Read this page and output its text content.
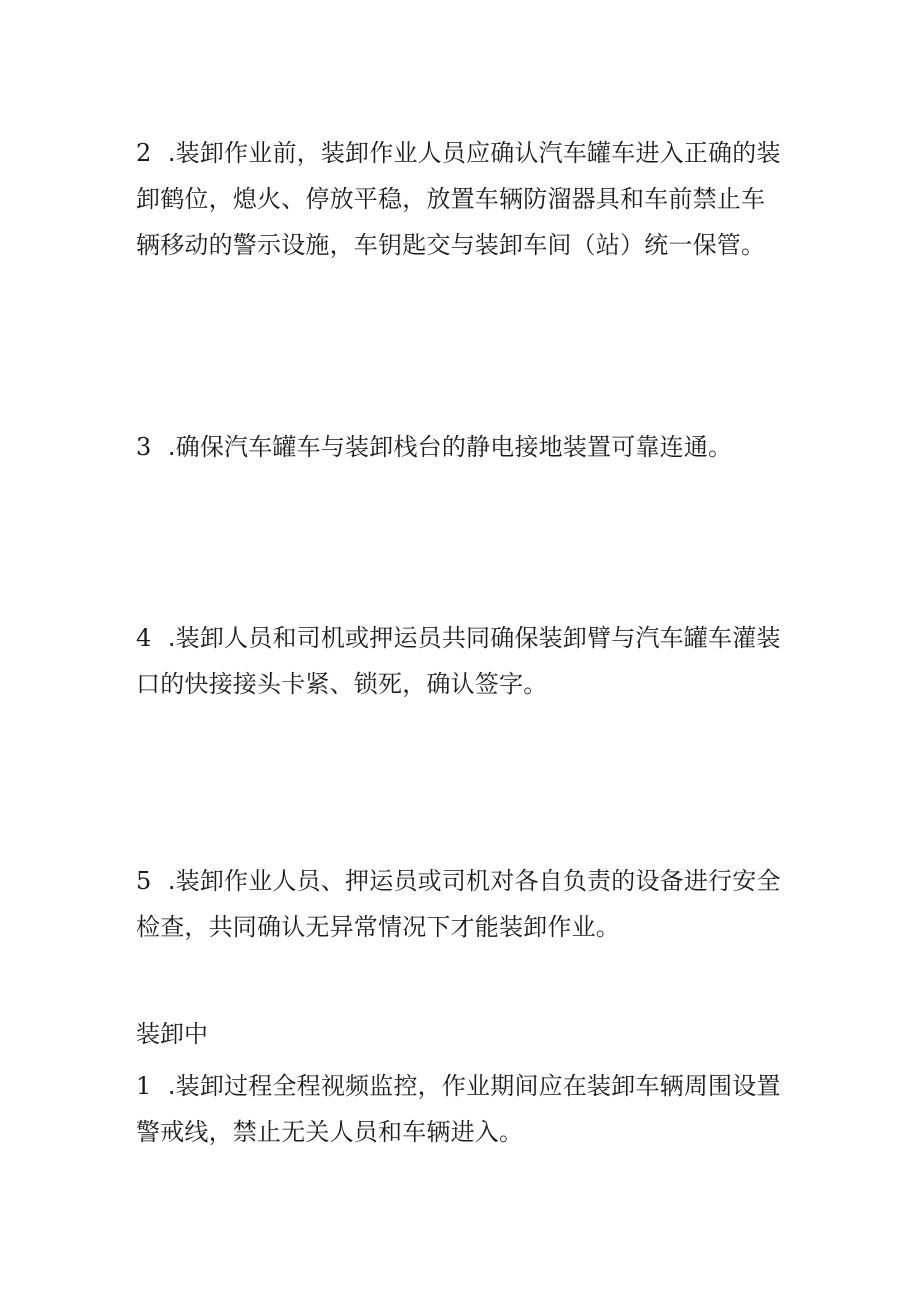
2 .装卸作业前，装卸作业人员应确认汽车罐车进入正确的装卸鹤位，熄火、停放平稳，放置车辆防溜器具和车前禁止车辆移动的警示设施，车钥匙交与装卸车间（站）统一保管。

3 .确保汽车罐车与装卸栈台的静电接地装置可靠连通。

4 .装卸人员和司机或押运员共同确保装卸臂与汽车罐车灌装口的快接接头卡紧、锁死，确认签字。

5 .装卸作业人员、押运员或司机对各自负责的设备进行安全检查，共同确认无异常情况下才能装卸作业。

装卸中

1 .装卸过程全程视频监控，作业期间应在装卸车辆周围设置警戒线，禁止无关人员和车辆进入。
